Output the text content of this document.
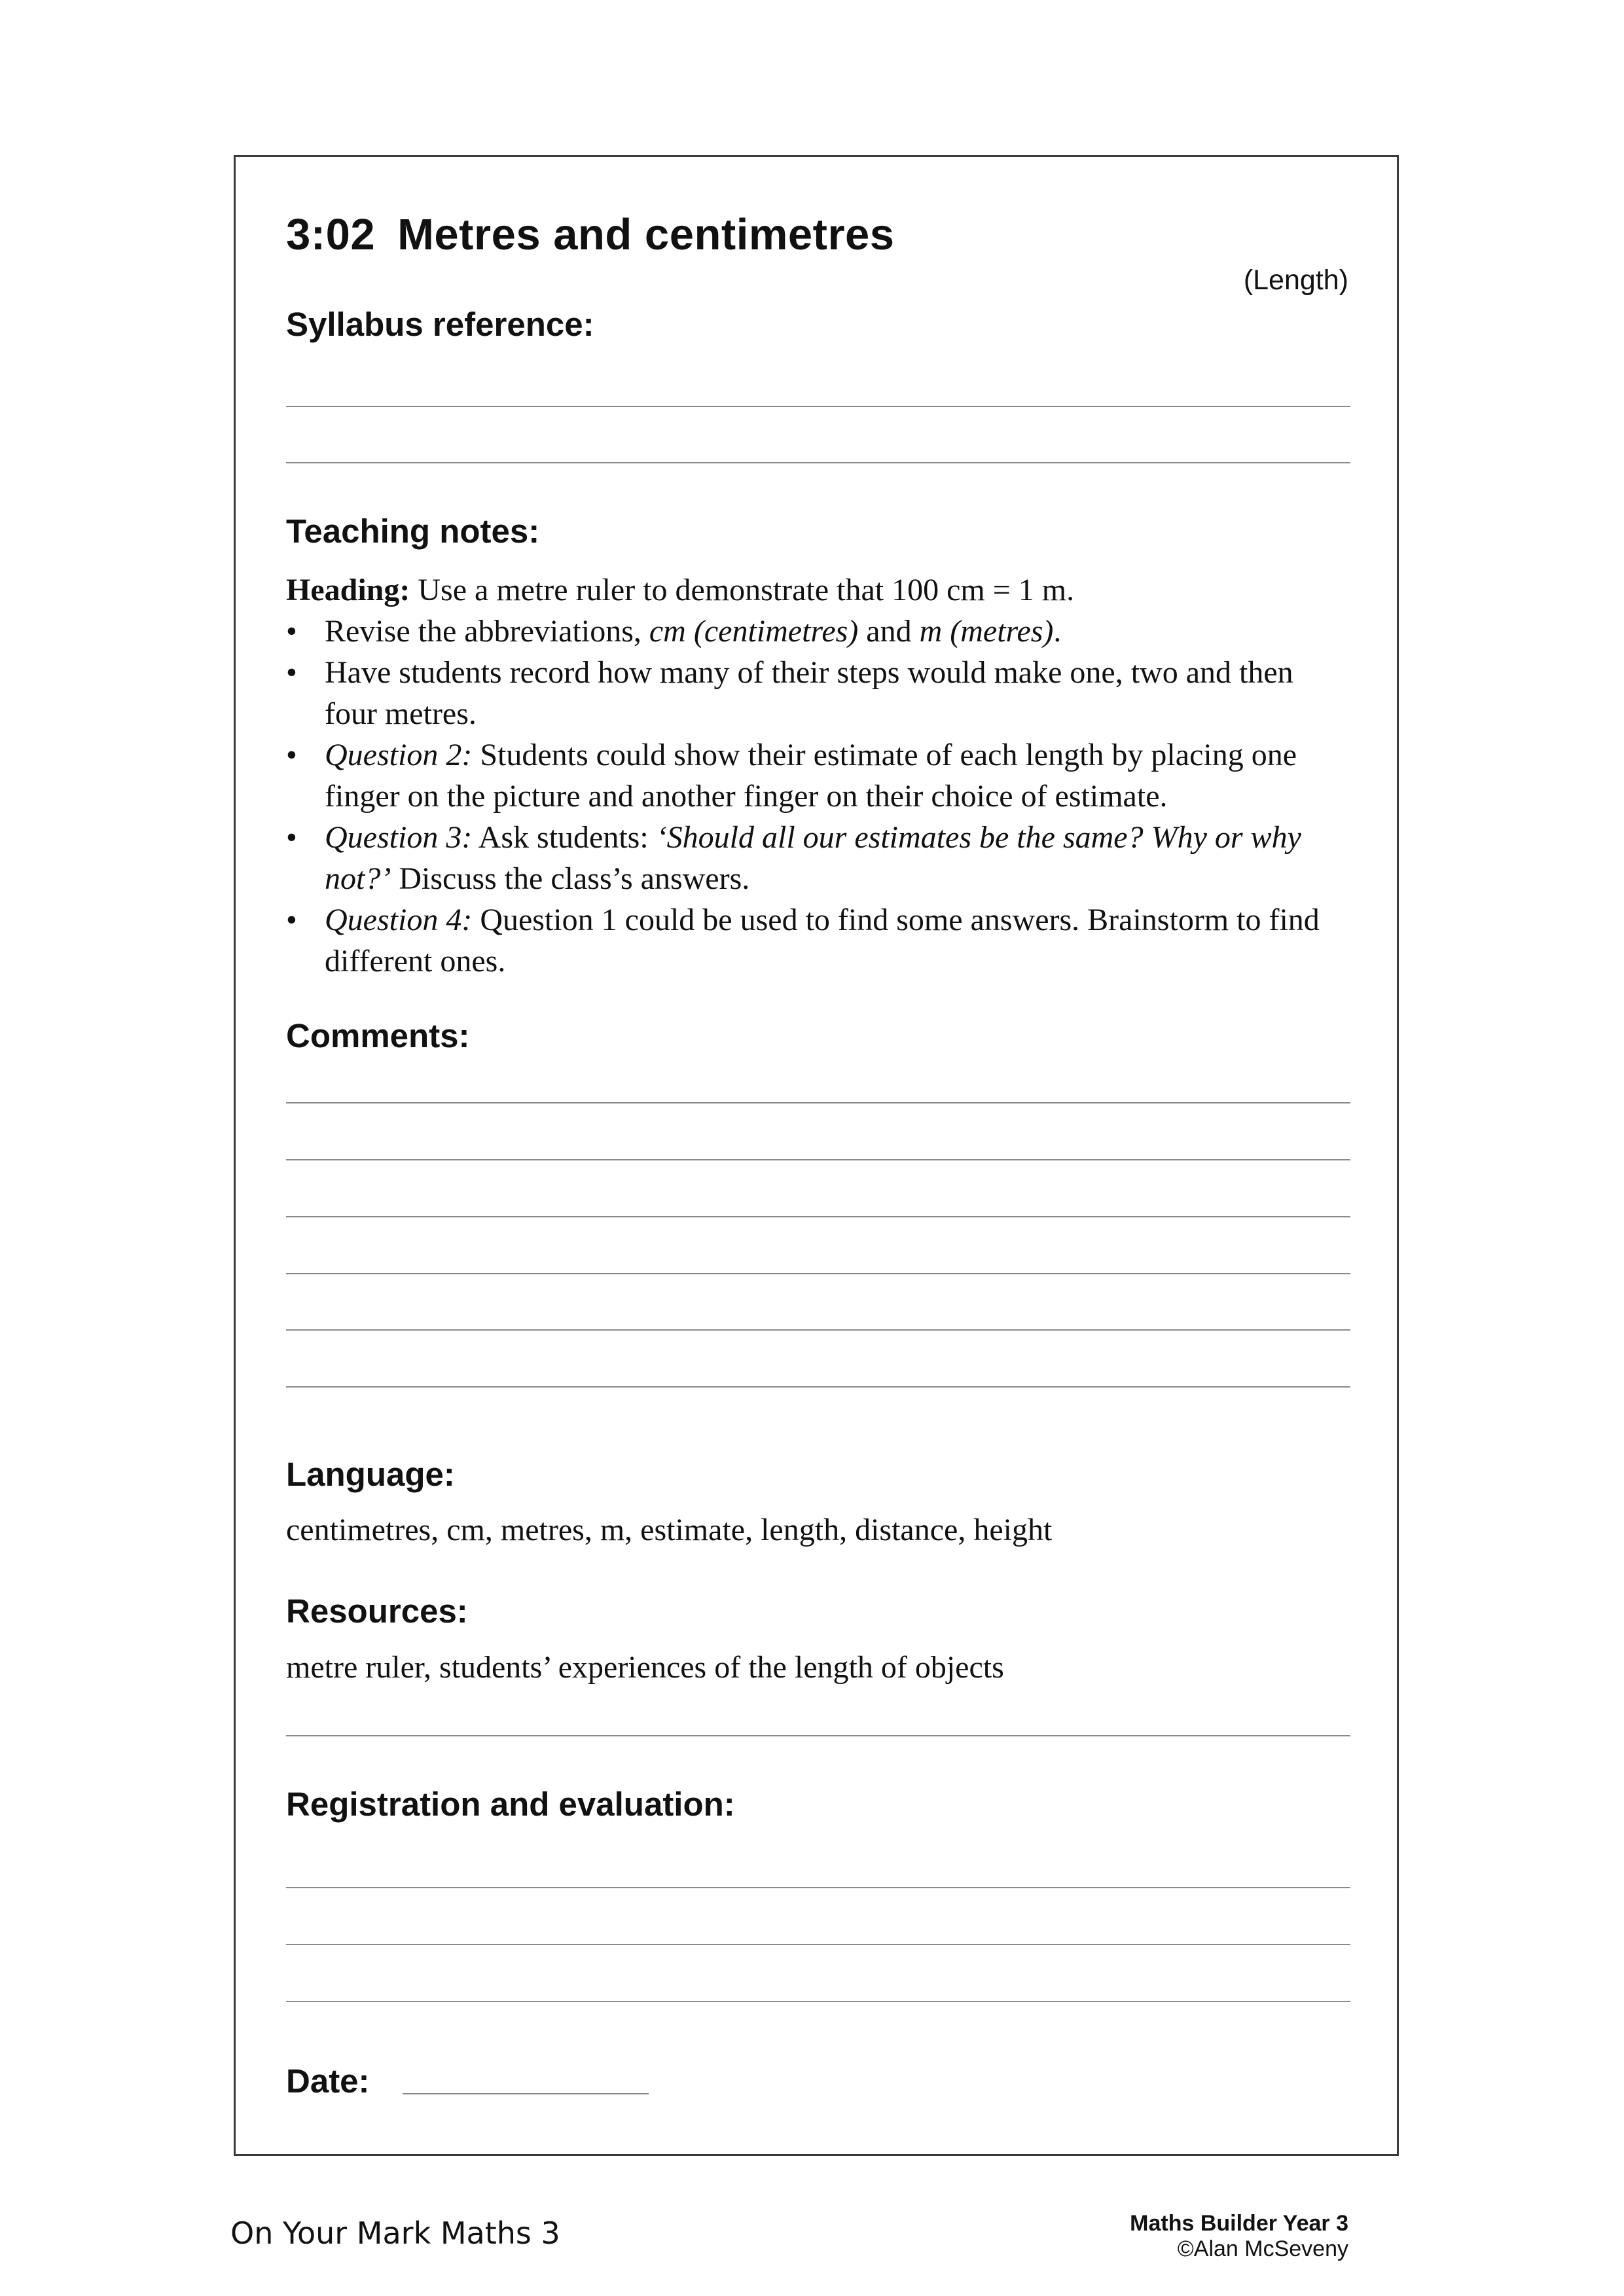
3:02 Metres and centimetres
(Length)
Syllabus reference:
Teaching notes:

Heading: Use a metre ruler to demonstrate that 100 cm = 1 m.

• Revise the abbreviations, cm (centimetres) and m (metres).
• Have students record how many of their steps would make one, two and then four metres.
• Question 2: Students could show their estimate of each length by placing one finger on the picture and another finger on their choice of estimate.
• Question 3: Ask students: ‘Should all our estimates be the same? Why or why not?’ Discuss the class’s answers.
• Question 4: Question 1 could be used to find some answers. Brainstorm to find different ones.
Comments:
Language:
centimetres, cm, metres, m, estimate, length, distance, height
Resources:
metre ruler, students’ experiences of the length of objects
Registration and evaluation:
Date:
On Your Mark Maths 3	Maths Builder Year 3
©Alan McSeveny
